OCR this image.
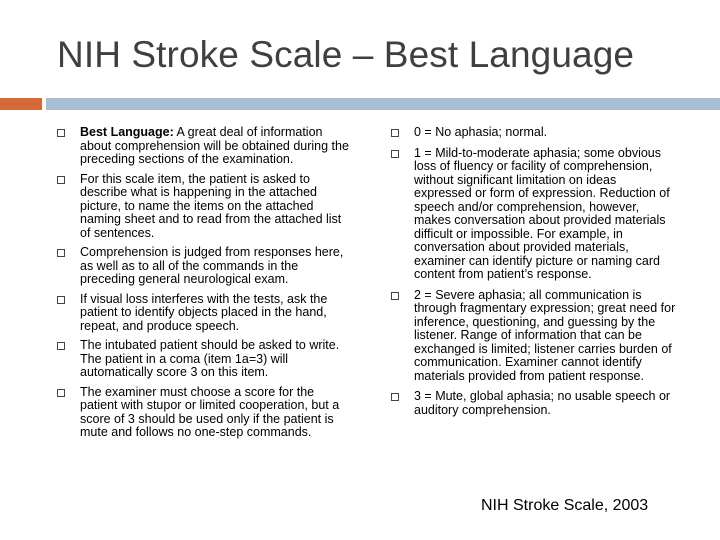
NIH Stroke Scale – Best Language
Best Language: A great deal of information about comprehension will be obtained during the preceding sections of the examination.
For this scale item, the patient is asked to describe what is happening in the attached picture, to name the items on the attached naming sheet and to read from the attached list of sentences.
Comprehension is judged from responses here, as well as to all of the commands in the preceding general neurological exam.
If visual loss interferes with the tests, ask the patient to identify objects placed in the hand, repeat, and produce speech.
The intubated patient should be asked to write. The patient in a coma (item 1a=3) will automatically score 3 on this item.
The examiner must choose a score for the patient with stupor or limited cooperation, but a score of 3 should be used only if the patient is mute and follows no one-step commands.
0 = No aphasia; normal.
1 = Mild-to-moderate aphasia; some obvious loss of fluency or facility of comprehension, without significant limitation on ideas expressed or form of expression. Reduction of speech and/or comprehension, however, makes conversation about provided materials difficult or impossible. For example, in conversation about provided materials, examiner can identify picture or naming card content from patient’s response.
2 = Severe aphasia; all communication is through fragmentary expression; great need for inference, questioning, and guessing by the listener. Range of information that can be exchanged is limited; listener carries burden of communication. Examiner cannot identify materials provided from patient response.
3 = Mute, global aphasia; no usable speech or auditory comprehension.
NIH Stroke Scale, 2003
